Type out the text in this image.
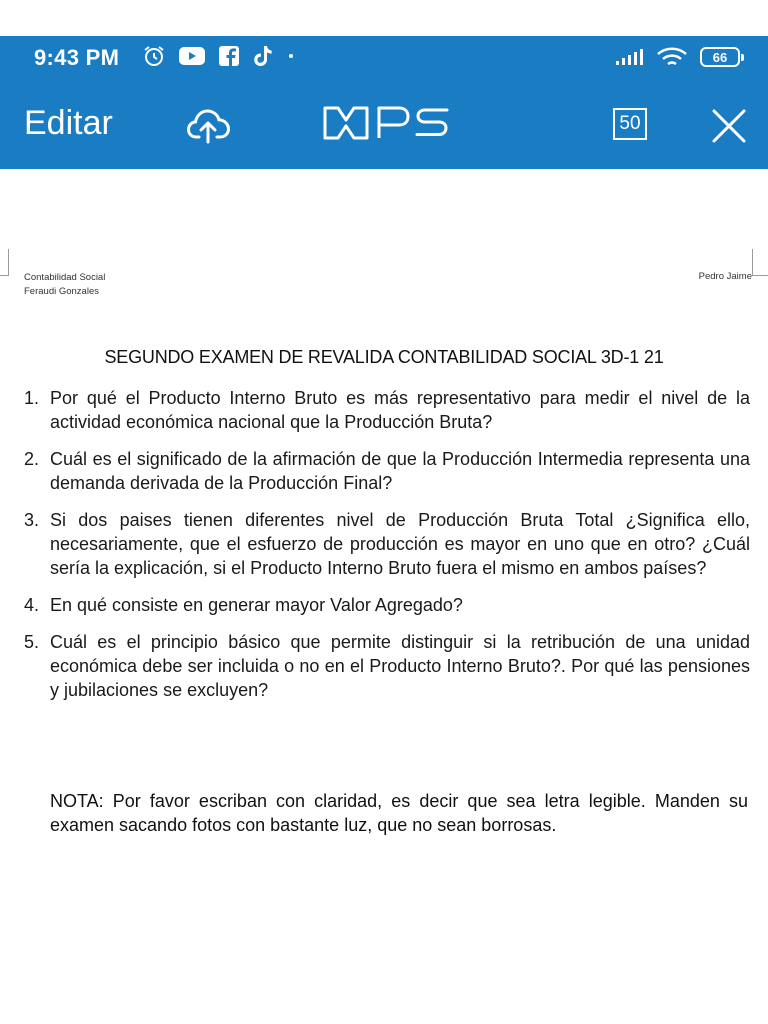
9:43 PM	66
Editar	50
Contabilidad Social
Feraudi Gonzales
Pedro Jaime
SEGUNDO EXAMEN DE REVALIDA CONTABILIDAD SOCIAL 3D-1 21
1. Por qué el Producto Interno Bruto es más representativo para medir el nivel de la actividad económica nacional que la Producción Bruta?
2. Cuál es el significado de la afirmación de que la Producción Intermedia representa una demanda derivada de la Producción Final?
3. Si dos paises tienen diferentes nivel de Producción Bruta Total ¿Significa ello, necesariamente, que el esfuerzo de producción es mayor en uno que en otro? ¿Cuál sería la explicación, si el Producto Interno Bruto fuera el mismo en ambos países?
4. En qué consiste en generar mayor Valor Agregado?
5. Cuál es el principio básico que permite distinguir si la retribución de una unidad económica debe ser incluida o no en el Producto Interno Bruto?. Por qué las pensiones y jubilaciones se excluyen?
NOTA: Por favor escriban con claridad, es decir que sea letra legible. Manden su examen sacando fotos con bastante luz, que no sean borrosas.
